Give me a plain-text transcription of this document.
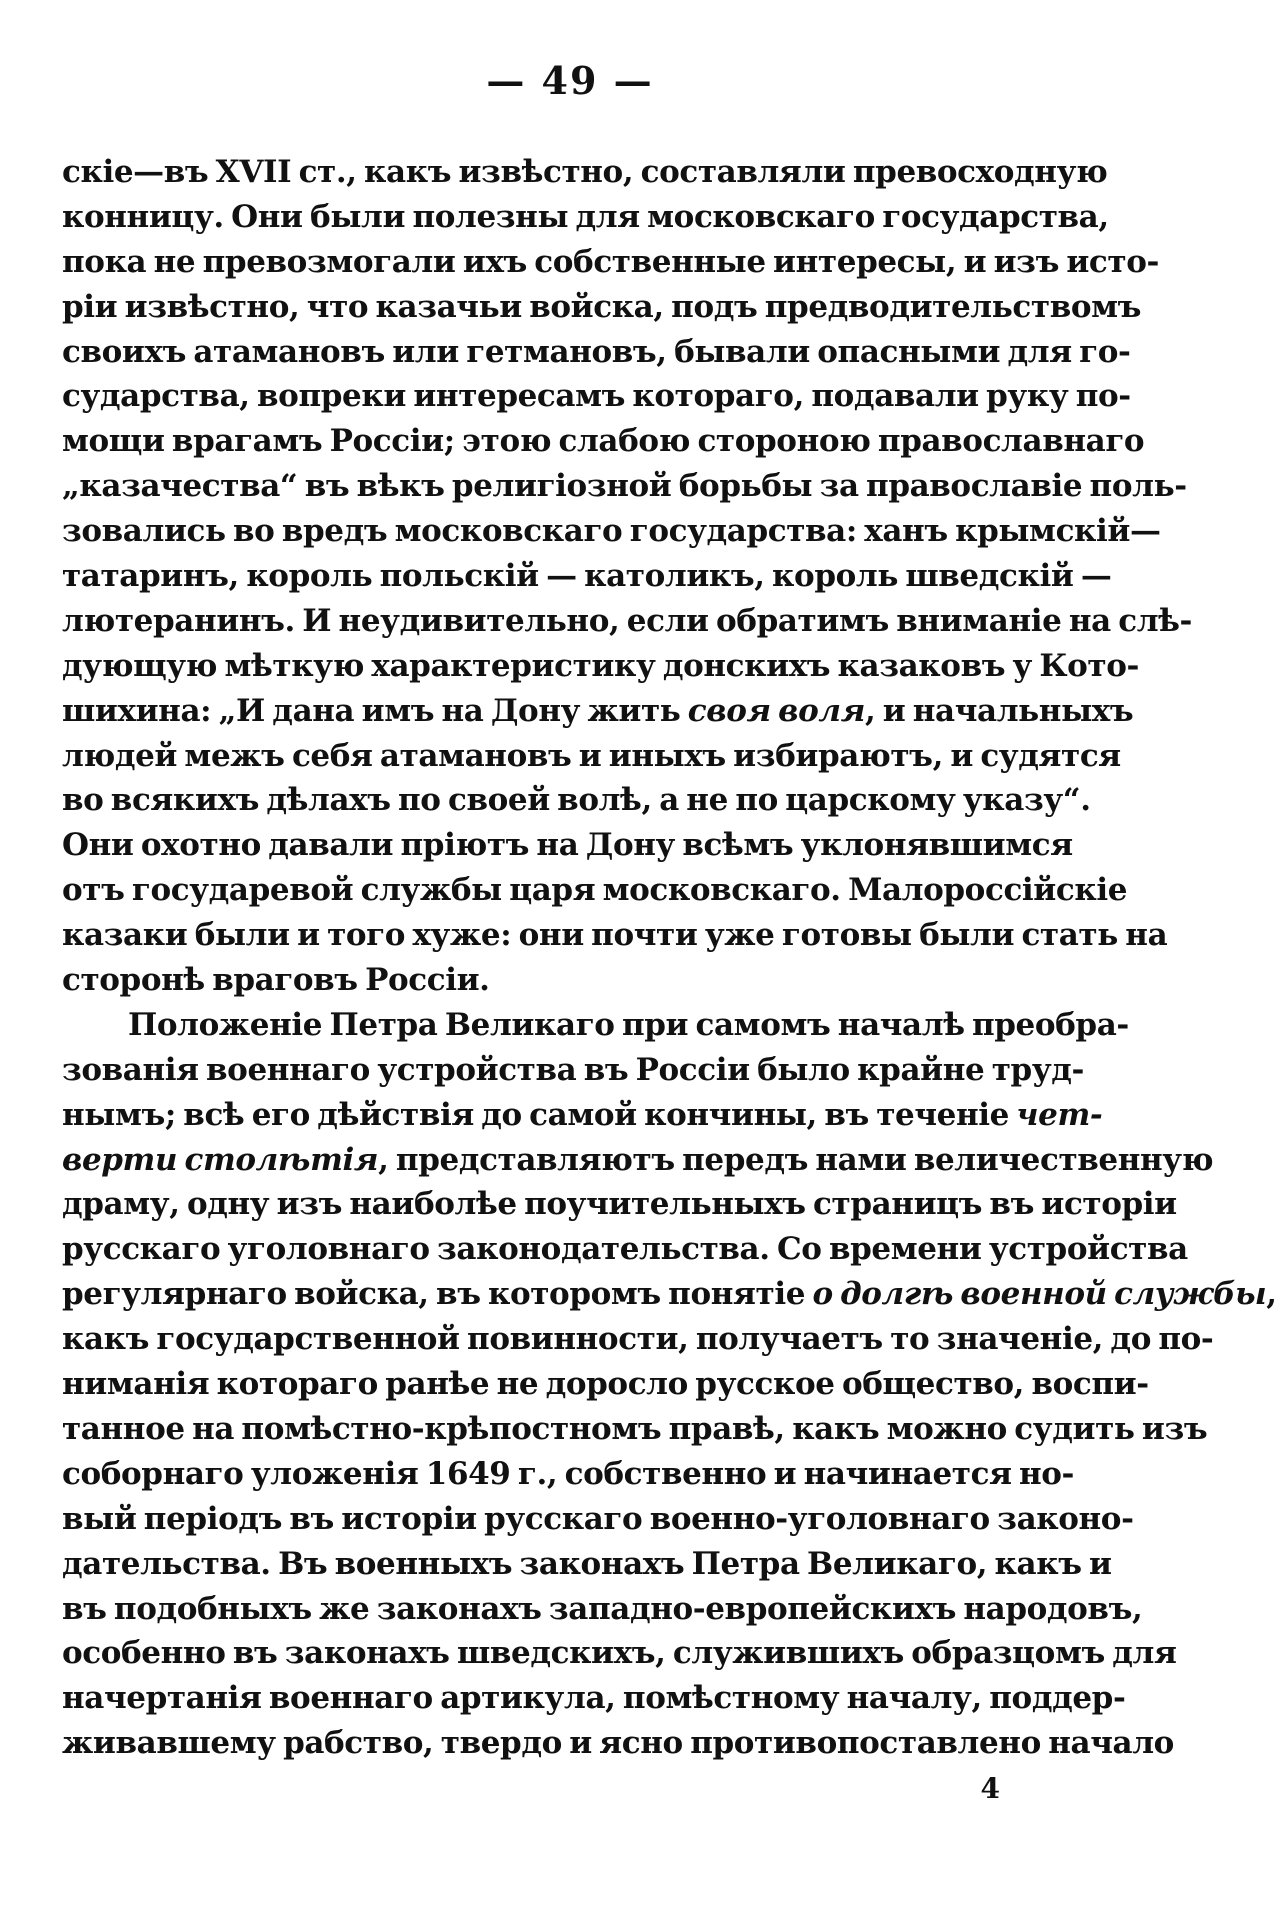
— 49 —
скіе—въ XVII ст., какъ извѣстно, составляли превосходную
конницу. Они были полезны для московскаго государства,
пока не превозмогали ихъ собственные интересы, и изъ исто-
ріи извѣстно, что казачьи войска, подъ предводительствомъ
своихъ атамановъ или гетмановъ, бывали опасными для го-
сударства, вопреки интересамъ котораго, подавали руку по-
мощи врагамъ Россіи; этою слабою стороною православнаго
„казачества“ въ вѣкъ религіозной борьбы за православіе поль-
зовались во вредъ московскаго государства: ханъ крымскій—
татаринъ, король польскій — католикъ, король шведскій —
лютеранинъ. И неудивительно, если обратимъ вниманіе на слѣ-
дующую мѣткую характеристику донскихъ казаковъ у Кото-
шихина: „И дана имъ на Дону жить своя воля, и начальныхъ
людей межъ себя атамановъ и иныхъ избираютъ, и судятся
во всякихъ дѣлахъ по своей волѣ, а не по царскому указу“.
Они охотно давали пріютъ на Дону всѣмъ уклонявшимся
отъ государевой службы царя московскаго. Малороссійскіе
казаки были и того хуже: они почти уже готовы были стать на
сторонѣ враговъ Россіи.
Положеніе Петра Великаго при самомъ началѣ преобра-
зованія военнаго устройства въ Россіи было крайне труд-
нымъ; всѣ его дѣйствія до самой кончины, въ теченіе чет-
верти столѣтія, представляютъ передъ нами величественную
драму, одну изъ наиболѣе поучительныхъ страницъ въ исторіи
русскаго уголовнаго законодательства. Со времени устройства
регулярнаго войска, въ которомъ понятіе о долгѣ военной службы,
какъ государственной повинности, получаетъ то значеніе, до по-
ниманія котораго ранѣе не доросло русское общество, воспи-
танное на помѣстно-крѣпостномъ правѣ, какъ можно судить изъ
соборнаго уложенія 1649 г., собственно и начинается но-
вый періодъ въ исторіи русскаго военно-уголовнаго законо-
дательства. Въ военныхъ законахъ Петра Великаго, какъ и
въ подобныхъ же законахъ западно-европейскихъ народовъ,
особенно въ законахъ шведскихъ, служившихъ образцомъ для
начертанія военнаго артикула, помѣстному началу, поддер-
живавшему рабство, твердо и ясно противопоставлено начало
4
